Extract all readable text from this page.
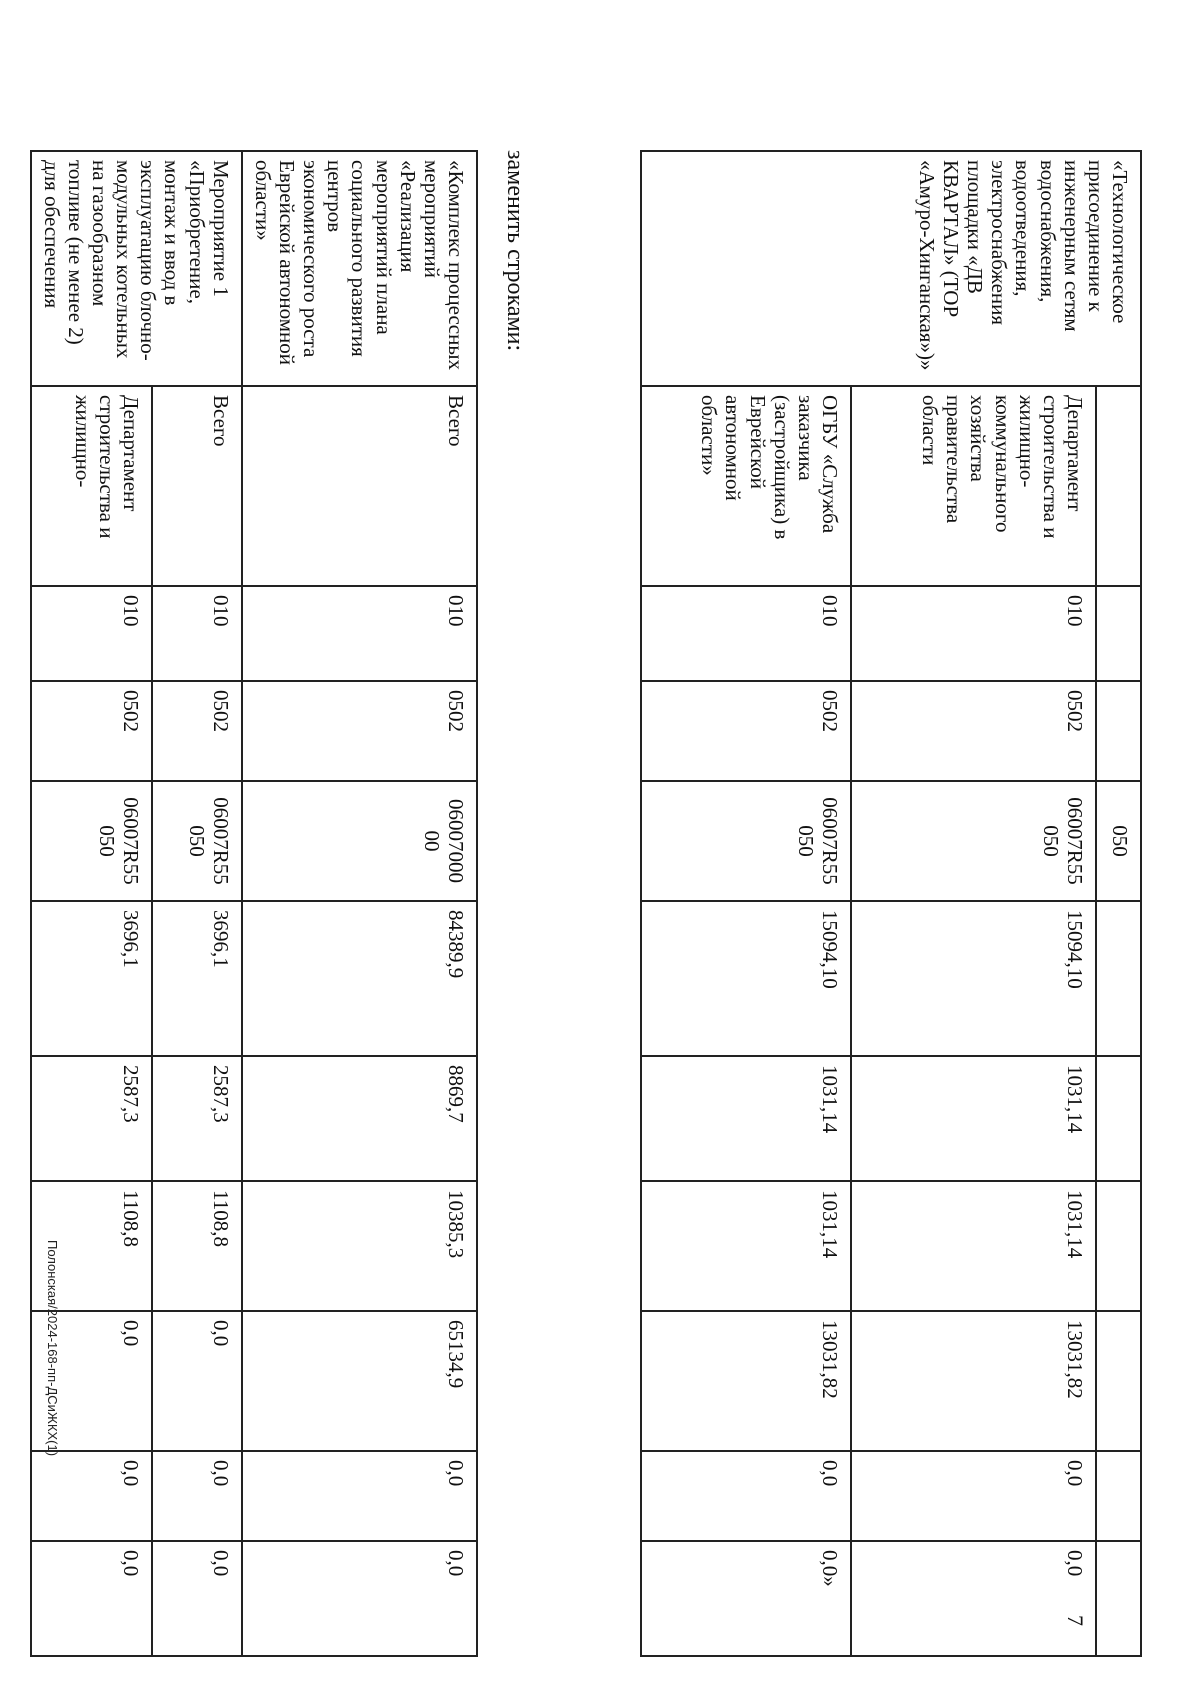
7
«Технологическое присоединение к инженерным сетям водоснабжения, водоотведения, электроснабжения площадки «ДВ КВАРТАЛ» (ТОР «Амуро-Хинганская»)»				050						
	Департамент строительства и жилищно-коммунального хозяйства правительства области	010	0502	06007R55 050	15094,10	1031,14	1031,14	13031,82	0,0	0,0
	ОГБУ «Служба заказчика (застройщика) в Еврейской автономной области»	010	0502	06007R55 050	15094,10	1031,14	1031,14	13031,82	0,0	0,0»
заменить строками:
«Комплекс процессных мероприятий «Реализация мероприятий плана социального развития центров экономического роста Еврейской автономной области»	Всего	010	0502	06007000 00	84389,9	8869,7	10385,3	65134,9	0,0	0,0
Мероприятие 1 «Приобретение, монтаж и ввод в эксплуатацию блочно-модульных котельных на газообразном топливе (не менее 2) для обеспечения	Всего	010	0502	06007R55 050	3696,1	2587,3	1108,8	0,0	0,0	0,0
	Департамент строительства и жилищно-	010	0502	06007R55 050	3696,1	2587,3	1108,8	0,0	0,0	0,0
Полонская/2024-168-пп-ДСиЖКХ(1)
